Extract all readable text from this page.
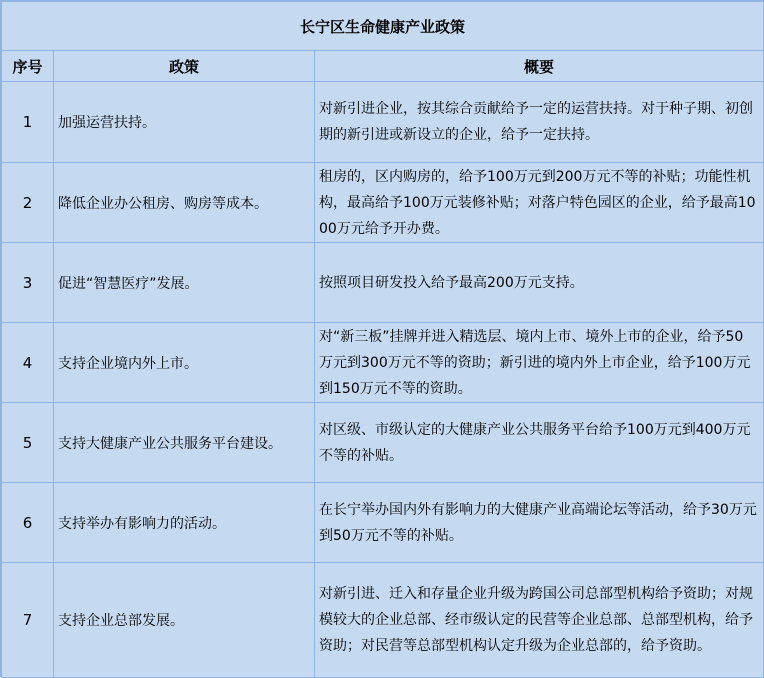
长宁区生命健康产业政策		
序号	政策	概要
1	加强运营扶持。	对新引进企业，按其综合贡献给予一定的运营扶持。对于种子期、初创期的新引进或新设立的企业，给予一定扶持。
2	降低企业办公租房、购房等成本。	租房的，区内购房的，给予100万元到200万元不等的补贴；功能性机构，最高给予100万元装修补贴；对落户特色园区的企业，给予最高1000万元给予开办费。
3	促进“智慧医疗”发展。	按照项目研发投入给予最高200万元支持。
4	支持企业境内外上市。	对“新三板”挂牌并进入精选层、境内上市、境外上市的企业，给予50万元到300万元不等的资助；新引进的境内外上市企业，给予100万元到150万元不等的资助。
5	支持大健康产业公共服务平台建设。	对区级、市级认定的大健康产业公共服务平台给予100万元到400万元不等的补贴。
6	支持举办有影响力的活动。	在长宁举办国内外有影响力的大健康产业高端论坛等活动，给予30万元到50万元不等的补贴。
7	支持企业总部发展。	对新引进、迁入和存量企业升级为跨国公司总部型机构给予资助；对规模较大的企业总部、经市级认定的民营等企业总部、总部型机构，给予资助；对民营等总部型机构认定升级为企业总部的，给予资助。
